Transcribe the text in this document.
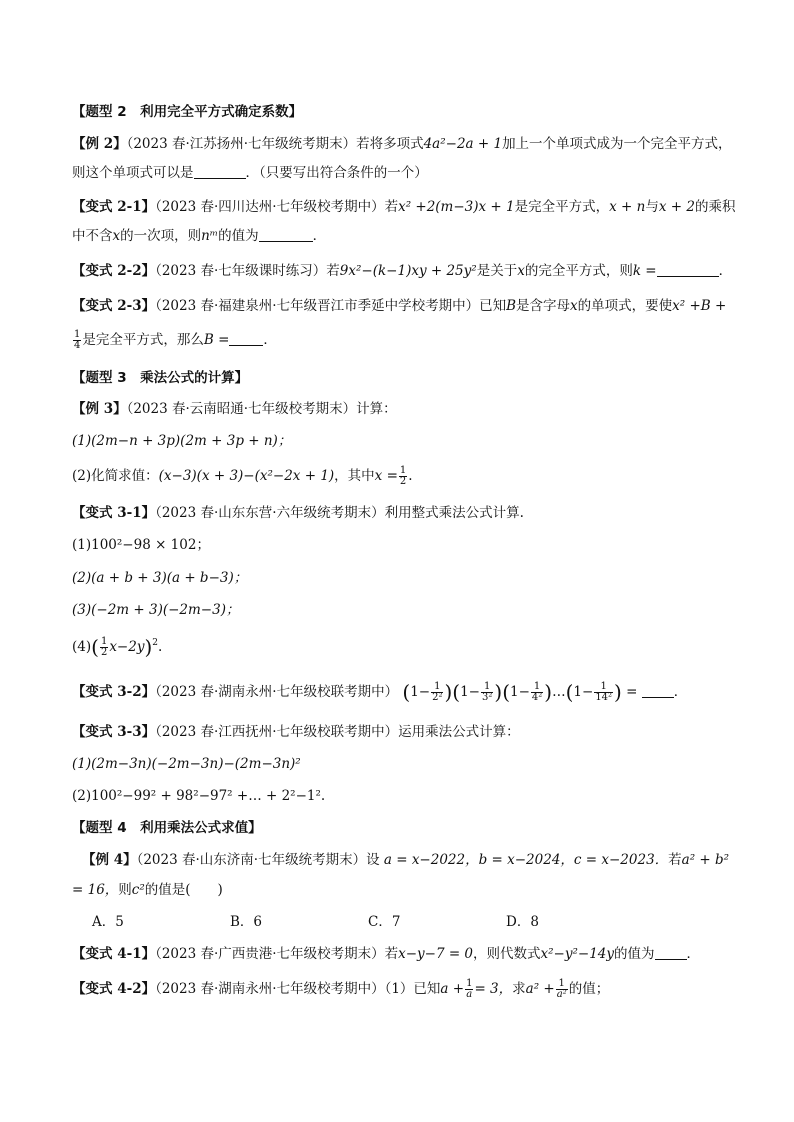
【题型 2　利用完全平方式确定系数】
【例 2】（2023 春·江苏扬州·七年级统考期末）若将多项式4a²−2a + 1加上一个单项式成为一个完全平方式，
则这个单项式可以是	．（只要写出符合条件的一个）
【变式 2-1】（2023 春·四川达州·七年级校考期中）若x² +2(m−3)x + 1是完全平方式，x + n与x + 2的乘积
中不含x的一次项，则nᵐ的值为	．
【变式 2-2】（2023 春·七年级课时练习）若9x²−(k−1)xy + 25y²是关于x的完全平方式，则k =	．
【变式 2-3】（2023 春·福建泉州·七年级晋江市季延中学校考期中）已知B是含字母x的单项式，要使x² +B +
$\frac{1}{4}$ 是完全平方式，那么B =	．
【题型 3　乘法公式的计算】
【例 3】（2023 春·云南昭通·七年级校考期末）计算：
(1)(2m−n + 3p)(2m + 3p + n)；
(2)化简求值：(x−3)(x + 3)−(x²−2x + 1)，其中$x = \frac{1}{2}$ .
【变式 3-1】（2023 春·山东东营·六年级统考期末）利用整式乘法公式计算.
(1)100²−98 × 102；
(2)(a + b + 3)(a + b−3)；
(3)(−2m + 3)(−2m−3)；
$(4)( \frac{1}{2} x-2y)^2$.
【变式 3-2】（2023 春·湖南永州·七年级校联考期中） $(1- \frac{1}{\text{2²}} )(1- \frac{1}{\text{3²}} )(1- \frac{1}{\text{4²}}$ )…(1− $\frac{1}{\text{14²}}$ ) =	．
【变式 3-3】（2023 春·江西抚州·七年级校联考期中）运用乘法公式计算：
(1)(2m−3n)(−2m−3n)−(2m−3n)²
(2)100²−99² + 98²−97² +… + 2²−1².
【题型 4　利用乘法公式求值】
【例 4】（2023 春·山东济南·七年级统考期末）设 a = x−2022，b = x−2024，c = x−2023．若a² + b²
= 16，则c²的值是(　　)
A．5	B．6	C．7	D．8
【变式 4-1】（2023 春·广西贵港·七年级校考期末）若x−y−7 = 0，则代数式x²−y²−14y的值为 ．
【变式 4-2】（2023 春·湖南永州·七年级校考期中）（1）已知$a + \frac{1}{a} = 3$，求$a^2 + \frac{1}{\text{a²}}$ 的值；
